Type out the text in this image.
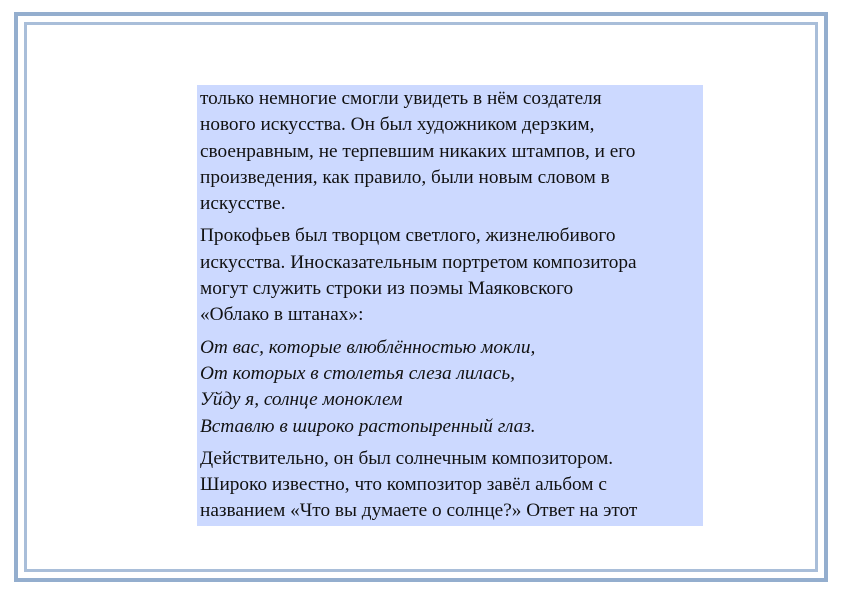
только немногие смогли увидеть в нём создателя
нового искусства. Он был художником дерзким,
своенравным, не терпевшим никаких штампов, и его
произведения, как правило, были новым словом в
искусстве.

Прокофьев был творцом светлого, жизнелюбивого
искусства. Иносказательным портретом композитора
могут служить строки из поэмы Маяковского
«Облако в штанах»:

От вас, которые влюблённостью мокли,
От которых в столетья слеза лилась,
Уйду я, солнце моноклем
Вставлю в широко растопыренный глаз.

Действительно, он был солнечным композитором.
Широко известно, что композитор завёл альбом с
названием «Что вы думаете о солнце?» Ответ на этот
